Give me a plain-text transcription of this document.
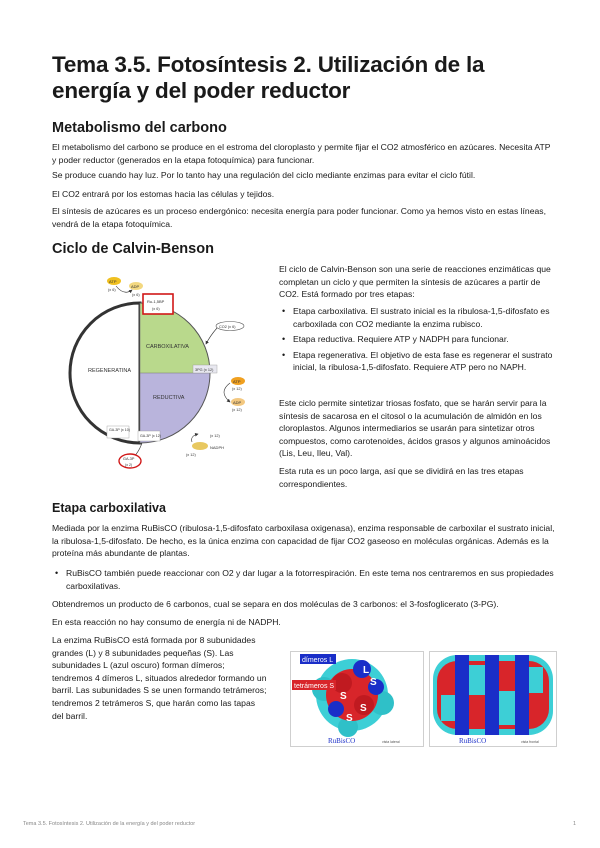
Tema 3.5. Fotosíntesis 2. Utilización de la energía y del poder reductor
Metabolismo del carbono
El metabolismo del carbono se produce en el estroma del cloroplasto y permite fijar el CO2 atmosférico en azúcares. Necesita ATP y poder reductor (generados en la etapa fotoquímica) para funcionar.
Se produce cuando hay luz. Por lo tanto hay una regulación del ciclo mediante enzimas para evitar el ciclo fútil.
El CO2 entrará por los estomas hacia las células y tejidos.
El síntesis de azúcares es un proceso endergónico: necesita energía para poder funcionar. Como ya hemos visto en estas líneas, vendrá de la etapa fotoquímica.
Ciclo de Calvin-Benson
REGENERATINA
CARBOXILATIVA
REDUCTIVA
ATP
(x 6)
ADP
(x 6)
Ru-1,5BP
(x 6)
CO2 (x 6)
3PG (x 12)
ATP
(x 12)
ADP
(x 12)
NADPH
(x 12)
(x 12)
GA-3P (x 10)
GA-3P (x 12)
GA-3P
(x 2)
El ciclo de Calvin-Benson son una serie de reacciones enzimáticas que completan un ciclo y que permiten la síntesis de azúcares a partir de CO2. Está formado por tres etapas:
• Etapa carboxilativa. El sustrato inicial es la ribulosa-1,5-difosfato es carboxilada con CO2 mediante la enzima rubisco.
• Etapa reductiva. Requiere ATP y NADPH para funcionar.
• Etapa regenerativa. El objetivo de esta fase es regenerar el sustrato inicial, la ribulosa-1,5-difosfato. Requiere ATP pero no NAPH.
Este ciclo permite sintetizar triosas fosfato, que se harán servir para la síntesis de sacarosa en el citosol o la acumulación de almidón en los cloroplastos. Algunos intermediarios se usarán para sintetizar otros compuestos, como carotenoides, ácidos grasos y algunos aminoácidos (Lis, Leu, Ileu, Val).
Esta ruta es un poco larga, así que se dividirá en las tres etapas correspondientes.
Etapa carboxilativa
Mediada por la enzima RuBisCO (ribulosa-1,5-difosfato carboxilasa oxigenasa), enzima responsable de carboxilar el sustrato inicial, la ribulosa-1,5-difosfato. De hecho, es la única enzima con capacidad de fijar CO2 gaseoso en moléculas orgánicas. Además es la proteína más abundante de plantas.
• RuBisCO también puede reaccionar con O2 y dar lugar a la fotorrespiración. En este tema nos centraremos en sus propiedades carboxilativas.
Obtendremos un producto de 6 carbonos, cual se separa en dos moléculas de 3 carbonos: el 3-fosfoglicerato (3-PG).
En esta reacción no hay consumo de energía ni de NADPH.
La enzima RuBisCO está formada por 8 subunidades grandes (L) y 8 subunidades pequeñas (S). Las subunidades L (azul oscuro) forman dímeros; tendremos 4 dímeros L, situados alrededor formando un barril. Las subunidades S se unen formando tetrámeros; tendremos 2 tetrámeros S, que harán como las tapas del barril.
L
S
S
S
S
dímeros L
tetrámeros S
RuBisCO	vista lateral	RuBisCO	vista frontal
Tema 3.5. Fotosíntesis 2. Utilización de la energía y del poder reductor	1
